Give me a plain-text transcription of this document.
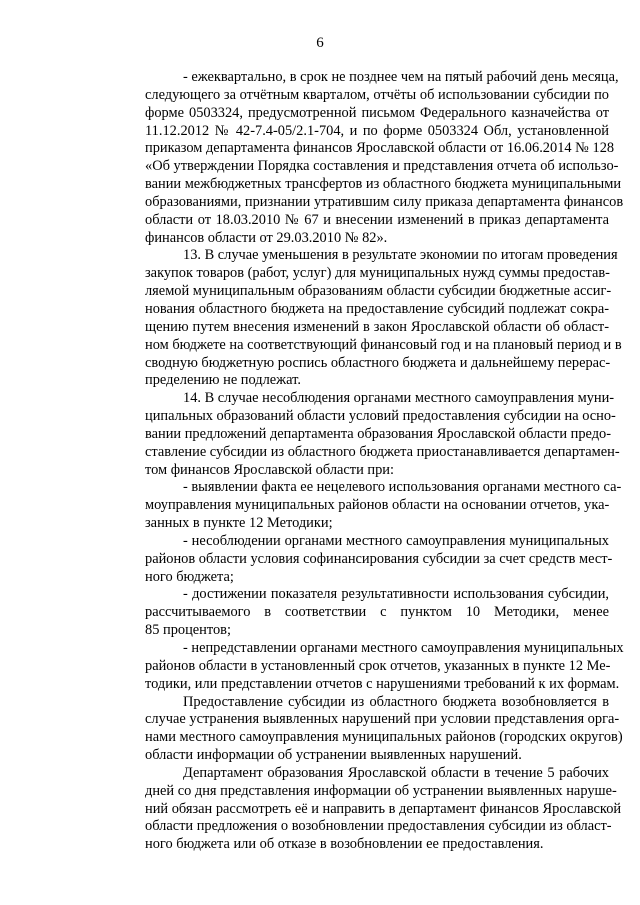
6

- ежеквартально, в срок не позднее чем на пятый рабочий день месяца,
следующего за отчётным кварталом, отчёты об использовании субсидии по
форме 0503324, предусмотренной письмом Федерального казначейства от
11.12.2012 № 42-7.4-05/2.1-704, и по форме 0503324 Обл, установленной
приказом департамента финансов Ярославской области от 16.06.2014 № 128
«Об утверждении Порядка составления и представления отчета об использо-
вании межбюджетных трансфертов из областного бюджета муниципальными
образованиями, признании утратившим силу приказа департамента финансов
области от 18.03.2010 № 67 и внесении изменений в приказ департамента
финансов области от 29.03.2010 № 82».

13. В случае уменьшения в результате экономии по итогам проведения
закупок товаров (работ, услуг) для муниципальных нужд суммы предостав-
ляемой муниципальным образованиям области субсидии бюджетные ассиг-
нования областного бюджета на предоставление субсидий подлежат сокра-
щению путем внесения изменений в закон Ярославской области об област-
ном бюджете на соответствующий финансовый год и на плановый период и в
сводную бюджетную роспись областного бюджета и дальнейшему перерас-
пределению не подлежат.

14. В случае несоблюдения органами местного самоуправления муни-
ципальных образований области условий предоставления субсидии на осно-
вании предложений департамента образования Ярославской области предо-
ставление субсидии из областного бюджета приостанавливается департамен-
том финансов Ярославской области при:

- выявлении факта ее нецелевого использования органами местного са-
моуправления муниципальных районов области на основании отчетов, ука-
занных в пункте 12 Методики;

- несоблюдении органами местного самоуправления муниципальных
районов области условия софинансирования субсидии за счет средств мест-
ного бюджета;

- достижении показателя результативности использования субсидии,
рассчитываемого в соответствии с пунктом 10 Методики, менее
85 процентов;

- непредставлении органами местного самоуправления муниципальных
районов области в установленный срок отчетов, указанных в пункте 12 Ме-
тодики, или представлении отчетов с нарушениями требований к их формам.

Предоставление субсидии из областного бюджета возобновляется в
случае устранения выявленных нарушений при условии представления орга-
нами местного самоуправления муниципальных районов (городских округов)
области информации об устранении выявленных нарушений.

Департамент образования Ярославской области в течение 5 рабочих
дней со дня представления информации об устранении выявленных наруше-
ний обязан рассмотреть её и направить в департамент финансов Ярославской
области предложения о возобновлении предоставления субсидии из област-
ного бюджета или об отказе в возобновлении ее предоставления.
